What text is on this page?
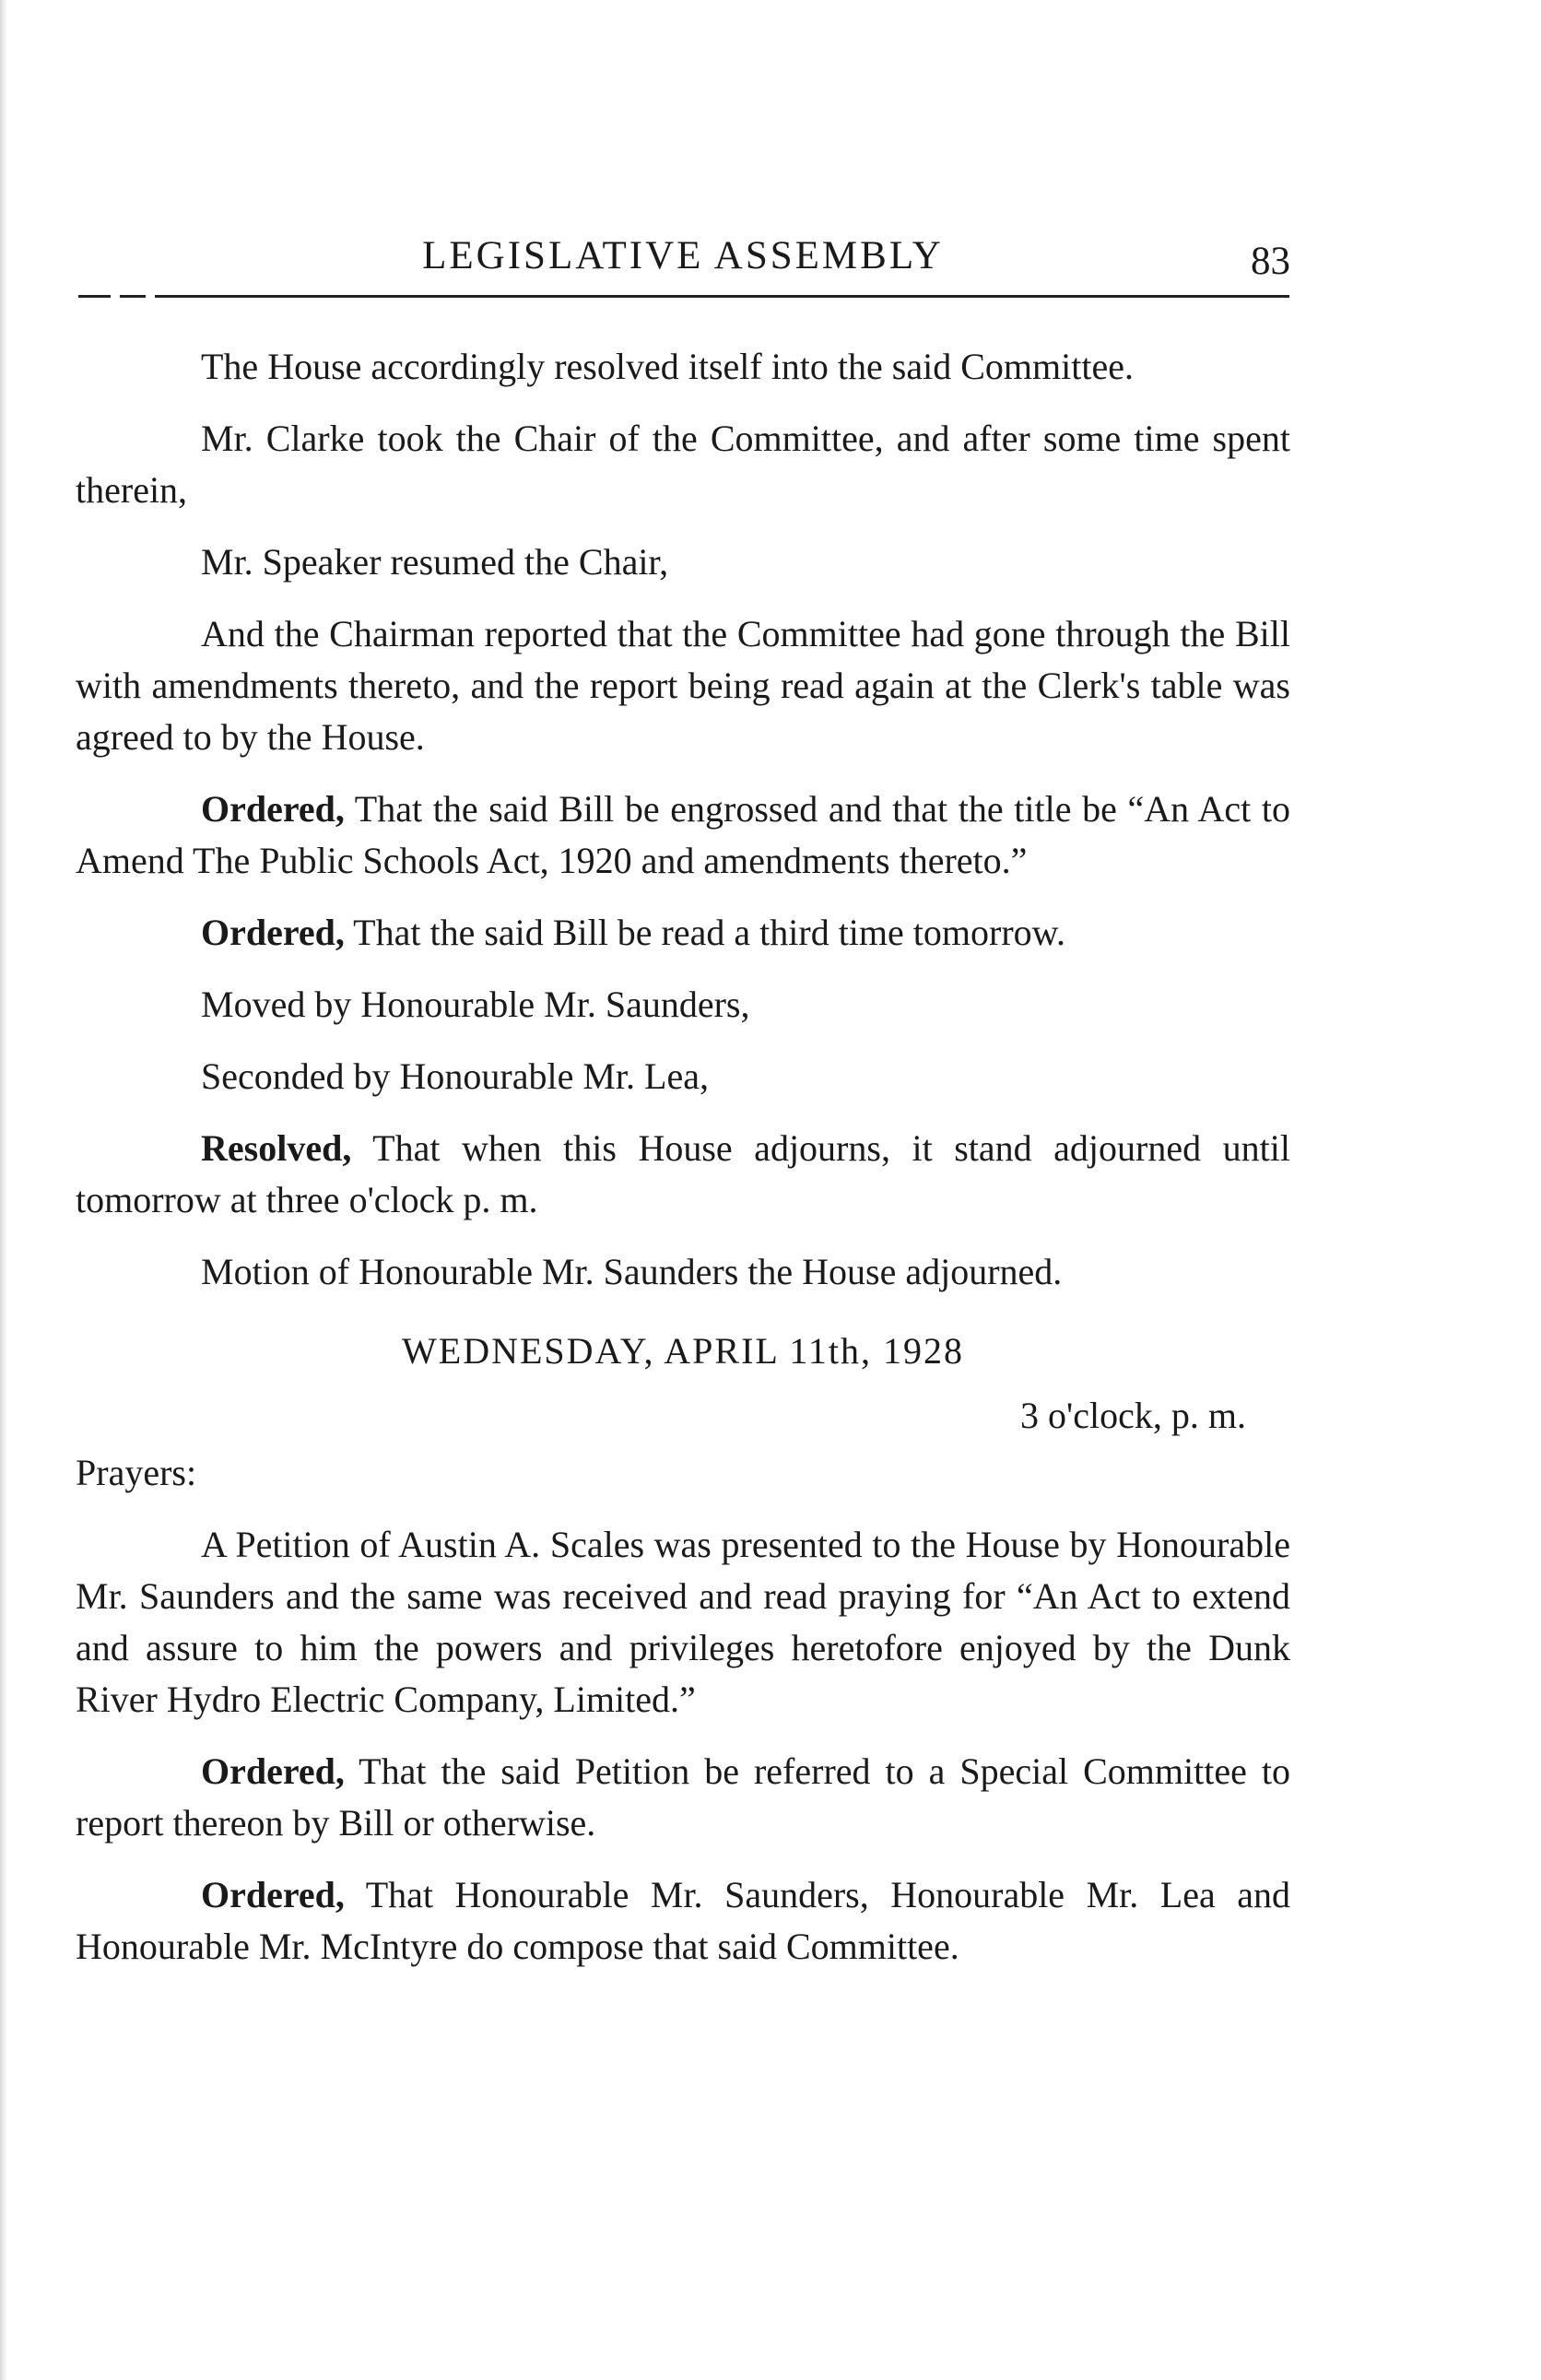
LEGISLATIVE ASSEMBLY	83

The House accordingly resolved itself into the said Committee.

Mr. Clarke took the Chair of the Committee, and after some time spent therein,

Mr. Speaker resumed the Chair,

And the Chairman reported that the Committee had gone through the Bill with amendments thereto, and the report being read again at the Clerk's table was agreed to by the House.

Ordered, That the said Bill be engrossed and that the title be “An Act to Amend The Public Schools Act, 1920 and amendments thereto.”

Ordered, That the said Bill be read a third time tomorrow.

Moved by Honourable Mr. Saunders,

Seconded by Honourable Mr. Lea,

Resolved, That when this House adjourns, it stand adjourned until tomorrow at three o'clock p. m.

Motion of Honourable Mr. Saunders the House adjourned.

WEDNESDAY, APRIL 11th, 1928

3 o'clock, p. m.

Prayers:

A Petition of Austin A. Scales was presented to the House by Honourable Mr. Saunders and the same was received and read praying for “An Act to extend and assure to him the powers and privileges heretofore enjoyed by the Dunk River Hydro Electric Company, Limited.”

Ordered, That the said Petition be referred to a Special Committee to report thereon by Bill or otherwise.

Ordered, That Honourable Mr. Saunders, Honourable Mr. Lea and Honourable Mr. McIntyre do compose that said Committee.
